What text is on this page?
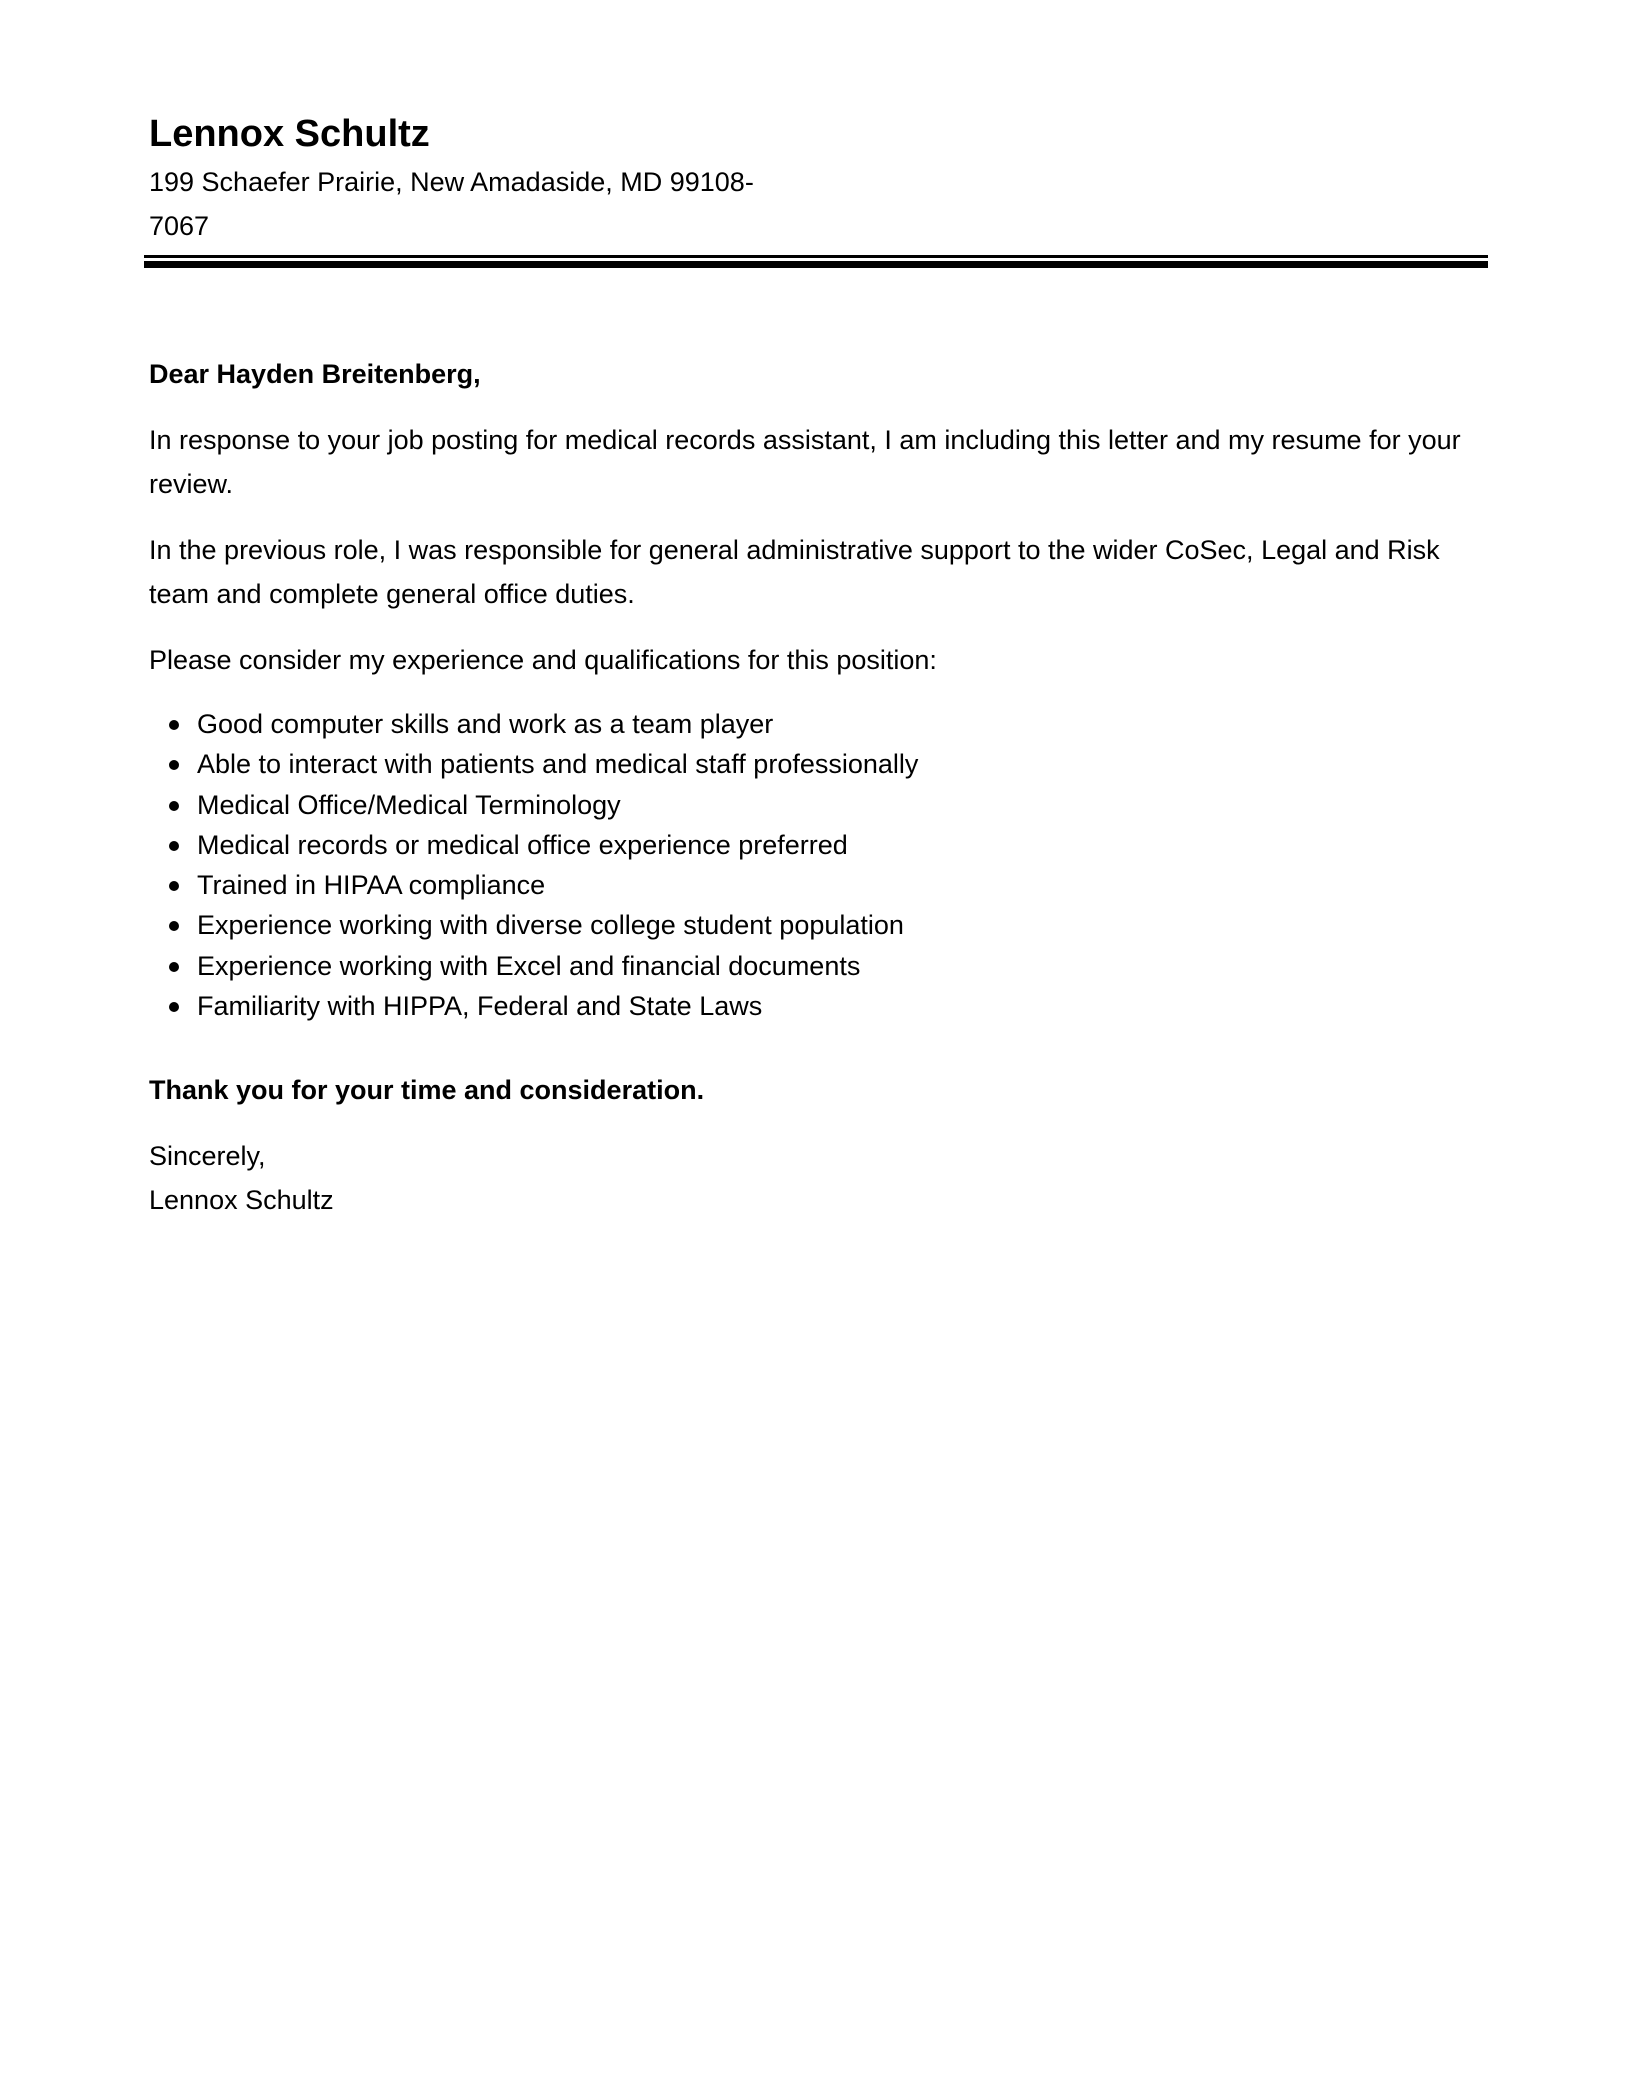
Lennox Schultz
199 Schaefer Prairie, New Amadaside, MD 99108-7067

Dear Hayden Breitenberg,

In response to your job posting for medical records assistant, I am including this letter and my resume for your review.

In the previous role, I was responsible for general administrative support to the wider CoSec, Legal and Risk team and complete general office duties.

Please consider my experience and qualifications for this position:

Good computer skills and work as a team player
Able to interact with patients and medical staff professionally
Medical Office/Medical Terminology
Medical records or medical office experience preferred
Trained in HIPAA compliance
Experience working with diverse college student population
Experience working with Excel and financial documents
Familiarity with HIPPA, Federal and State Laws

Thank you for your time and consideration.

Sincerely,
Lennox Schultz
